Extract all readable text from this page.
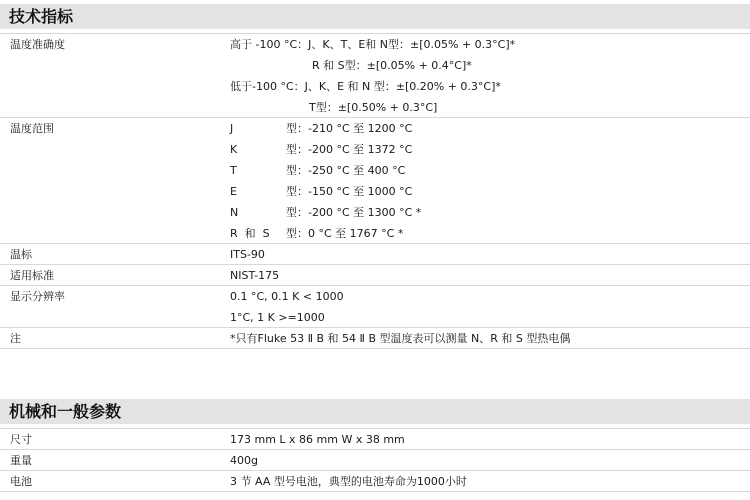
技术指标
温度准确度	高于 -100 °C：J、K、T、E和 N型：±[0.05% + 0.3°C]*
R 和 S型：±[0.05% + 0.4°C]*
低于-100 °C：J、K、E 和 N 型：±[0.20% + 0.3°C]*
T型：±[0.50% + 0.3°C]
温度范围	J	型：-210 °C 至 1200 °C
K	型：-200 °C 至 1372 °C
T	型：-250 °C 至 400 °C
E	型：-150 °C 至 1000 °C
N	型：-200 °C 至 1300 °C *
R  和  S 型：0 °C 至 1767 °C *
温标	ITS-90
适用标准	NIST-175
显示分辨率	0.1 °C, 0.1 K < 1000
1°C, 1 K >=1000
注	*只有Fluke 53 Ⅱ B 和 54 Ⅱ B 型温度表可以测量 N、R 和 S 型热电偶
机械和一般参数
尺寸	173 mm L x 86 mm W x 38 mm
重量	400g
电池	3 节 AA 型号电池，典型的电池寿命为1000小时
